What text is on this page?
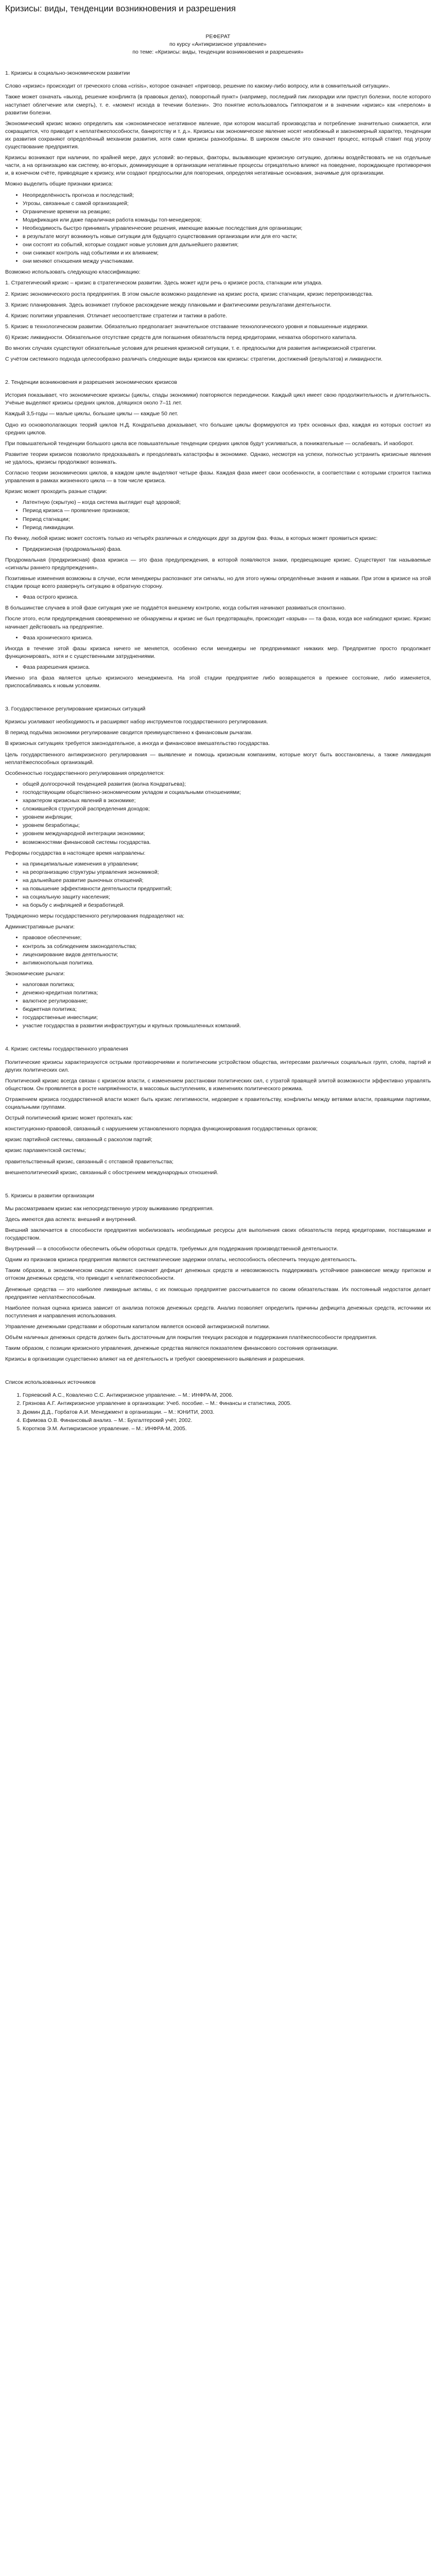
Кризисы: виды, тенденции возникновения и разрешения

РЕФЕРАТ

по курсу «Антикризисное управление»

по теме: «Кризисы: виды, тенденции возникновения и разрешения»

1. Кризисы в социально-экономическом развитии

Слово «кризис» происходит от греческого слова «crisis», которое означает «приговор, решение по какому-либо вопросу, или в сомнительной ситуации».

Также может означать «выход, решение конфликта (в правовых делах), поворотный пункт» (например, последний пик лихорадки или приступ болезни, после которого наступает облегчение или смерть), т. е. «момент исхода в течении болезни». Это понятие использовалось Гиппократом и в значении «кризис» как «перелом» в развитии болезни.

Экономический кризис можно определить как «экономическое негативное явление, при котором масштаб производства и потребление значительно снижается, или сокращается, что приводит к неплатёжеспособности, банкротству и т. д.». Кризисы как экономическое явление носят неизбежный и закономерный характер, тенденции их развития сохраняют определённый механизм развития, хотя сами кризисы разнообразны. В широком смысле это означает процесс, который ставит под угрозу существование предприятия.

Кризисы возникают при наличии, по крайней мере, двух условий: во-первых, факторы, вызывающие кризисную ситуацию, должны воздействовать не на отдельные части, а на организацию как систему, во-вторых, доминирующие в организации негативные процессы отрицательно влияют на поведение, порождающее противоречия и, в конечном счёте, приводящие к кризису, или создают предпосылки для повторения, определяя негативные основания, значимые для организации.

Можно выделить общие признаки кризиса:

• Неопределённость прогноза и последствий;
• Угрозы, связанные с самой организацией;
• Ограничение времени на реакцию;
• Модификация или даже параличная работа команды топ-менеджеров;
• Необходимость быстро принимать управленческие решения, имеющие важные последствия для организации;
• в результате могут возникнуть новые ситуации для будущего существования организации или для его части;
• они состоят из событий, которые создают новые условия для дальнейшего развития;
• они снижают контроль над событиями и их влиянием;
• они меняют отношения между участниками.

Возможно использовать следующую классификацию:

1. Стратегический кризис – кризис в стратегическом развитии. Здесь может идти речь о кризисе роста, стагнации или упадка.

2. Кризис экономического роста предприятия. В этом смысле возможно разделение на кризис роста, кризис стагнации, кризис перепроизводства.

3. Кризис планирования. Здесь возникает глубокое расхождение между плановыми и фактическими результатами деятельности.

4. Кризис политики управления. Отличает несоответствие стратегии и тактики в работе.

5. Кризис в технологическом развитии. Обязательно предполагает значительное отставание технологического уровня и повышенные издержки.

6) Кризис ликвидности. Обязательное отсутствие средств для погашения обязательств перед кредиторами, нехватка оборотного капитала.

Во многих случаях существуют обязательные условия для решения кризисной ситуации, т. е. предпосылки для развития антикризисной стратегии.

С учётом системного подхода целесообразно различать следующие виды кризисов как кризисы: стратегии, достижений (результатов) и ликвидности.

2. Тенденции возникновения и разрешения экономических кризисов

История показывает, что экономические кризисы (циклы, спады экономики) повторяются периодически. Каждый цикл имеет свою продолжительность и длительность. Учёные выделяют кризисы средних циклов, длящихся около 7–11 лет.

Каждый 3,5-годы — малые циклы, большие циклы — каждые 50 лет.

Одно из основополагающих теорий циклов Н.Д. Кондратьева доказывает, что большие циклы формируются из трёх основных фаз, каждая из которых состоит из средних циклов.

При повышательной тенденции большого цикла все повышательные тенденции средних циклов будут усиливаться, а понижательные — ослабевать. И наоборот.

Развитие теории кризисов позволило предсказывать и преодолевать катастрофы в экономике. Однако, несмотря на успехи, полностью устранить кризисные явления не удалось, кризисы продолжают возникать.

Согласно теории экономических циклов, в каждом цикле выделяют четыре фазы. Каждая фаза имеет свои особенности, в соответствии с которыми строится тактика управления в рамках жизненного цикла — в том числе кризиса.

Кризис может проходить разные стадии:

• Латентную (скрытую) – когда система выглядит ещё здоровой;
• Период кризиса — проявление признаков;
• Период стагнации;
• Период ликвидации.

По Финку, любой кризис может состоять только из четырёх различных и следующих друг за другом фаз. Фазы, в которых может проявиться кризис:

• Предкризисная (продромальная) фаза.

Продромальная (предкризисная) фаза кризиса — это фаза предупреждения, в которой появляются знаки, предвещающие кризис. Существуют так называемые «сигналы раннего предупреждения».

Позитивные изменения возможны в случае, если менеджеры распознают эти сигналы, но для этого нужны определённые знания и навыки. При этом в кризисе на этой стадии проще всего развернуть ситуацию в обратную сторону.

• Фаза острого кризиса.

В большинстве случаев в этой фазе ситуация уже не поддаётся внешнему контролю, когда события начинают развиваться спонтанно.

После этого, если предупреждения своевременно не обнаружены и кризис не был предотвращён, происходит «взрыв» — та фаза, когда все наблюдают кризис. Кризис начинает действовать на предприятие.

• Фаза хронического кризиса.

Иногда в течение этой фазы кризиса ничего не меняется, особенно если менеджеры не предпринимают никаких мер. Предприятие просто продолжает функционировать, хотя и с существенными затруднениями.

• Фаза разрешения кризиса.

Именно эта фаза является целью кризисного менеджмента. На этой стадии предприятие либо возвращается в прежнее состояние, либо изменяется, приспосабливаясь к новым условиям.

3. Государственное регулирование кризисных ситуаций

Кризисы усиливают необходимость и расширяют набор инструментов государственного регулирования.

В период подъёма экономики регулирование сводится преимущественно к финансовым рычагам.

В кризисных ситуациях требуется законодательное, а иногда и финансовое вмешательство государства.

Цель государственного антикризисного регулирования — выявление и помощь кризисным компаниям, которые могут быть восстановлены, а также ликвидация неплатёжеспособных организаций.

Особенностью государственного регулирования определяется:

• общей долгосрочной тенденцией развития (волна Кондратьева);
• господствующим общественно-экономическим укладом и социальными отношениями;
• характером кризисных явлений в экономике;
• сложившейся структурой распределения доходов;
• уровнем инфляции;
• уровнем безработицы;
• уровнем международной интеграции экономики;
• возможностями финансовой системы государства.

Реформы государства в настоящее время направлены:

• на принципиальные изменения в управлении;
• на реорганизацию структуры управления экономикой;
• на дальнейшее развитие рыночных отношений;
• на повышение эффективности деятельности предприятий;
• на социальную защиту населения;
• на борьбу с инфляцией и безработицей.

Традиционно меры государственного регулирования подразделяют на:

Административные рычаги:

• правовое обеспечение;
• контроль за соблюдением законодательства;
• лицензирование видов деятельности;
• антимонопольная политика.

Экономические рычаги:

• налоговая политика;
• денежно-кредитная политика;
• валютное регулирование;
• бюджетная политика;
• государственные инвестиции;
• участие государства в развитии инфраструктуры и крупных промышленных компаний.

4. Кризис системы государственного управления

Политические кризисы характеризуются острыми противоречиями и политическим устройством общества, интересами различных социальных групп, слоёв, партий и других политических сил.

Политический кризис всегда связан с кризисом власти, с изменением расстановки политических сил, с утратой правящей элитой возможности эффективно управлять обществом. Он проявляется в росте напряжённости, в массовых выступлениях, в изменениях политического режима.

Отражением кризиса государственной власти может быть кризис легитимности, недоверие к правительству, конфликты между ветвями власти, правящими партиями, социальными группами.

Острый политический кризис может протекать как:

конституционно-правовой, связанный с нарушением установленного порядка функционирования государственных органов;

кризис партийной системы, связанный с расколом партий;

кризис парламентской системы;

правительственный кризис, связанный с отставкой правительства;

внешнеполитический кризис, связанный с обострением международных отношений.

5. Кризисы в развитии организации

Мы рассматриваем кризис как непосредственную угрозу выживанию предприятия.

Здесь имеются два аспекта: внешний и внутренний.

Внешний заключается в способности предприятия мобилизовать необходимые ресурсы для выполнения своих обязательств перед кредиторами, поставщиками и государством.

Внутренний — в способности обеспечить обьём оборотных средств, требуемых для поддержания производственной деятельности.

Одним из признаков кризиса предприятия являются систематические задержки оплаты, неспособность обеспечить текущую деятельность.

Таким образом, в экономическом смысле кризис означает дефицит денежных средств и невозможность поддерживать устойчивое равновесие между притоком и оттоком денежных средств, что приводит к неплатёжеспособности.

Денежные средства — это наиболее ликвидные активы, с их помощью предприятие рассчитывается по своим обязательствам. Их постоянный недостаток делает предприятие неплатёжеспособным.

Наиболее полная оценка кризиса зависит от анализа потоков денежных средств. Анализ позволяет определить причины дефицита денежных средств, источники их поступления и направления использования.

Управление денежными средствами и оборотным капиталом является основой антикризисной политики.

Объём наличных денежных средств должен быть достаточным для покрытия текущих расходов и поддержания платёжеспособности предприятия.

Таким образом, с позиции кризисного управления, денежные средства являются показателем финансового состояния организации.

Кризисы в организации существенно влияют на её деятельность и требуют своевременного выявления и разрешения.

Список использованных источников

1. Горяевский А.С., Коваленко С.С. Антикризисное управление. – М.: ИНФРА-М, 2006.
2. Грязнова А.Г. Антикризисное управление в организации: Учеб. пособие. – М.: Финансы и статистика, 2005.
3. Дюмин Д.Д., Горбатов А.И. Менеджмент в организации. – М.: ЮНИТИ, 2003.
4. Ефимова О.В. Финансовый анализ. – М.: Бухгалтерский учёт, 2002.
5. Коротков Э.М. Антикризисное управление. – М.: ИНФРА-М, 2005.
